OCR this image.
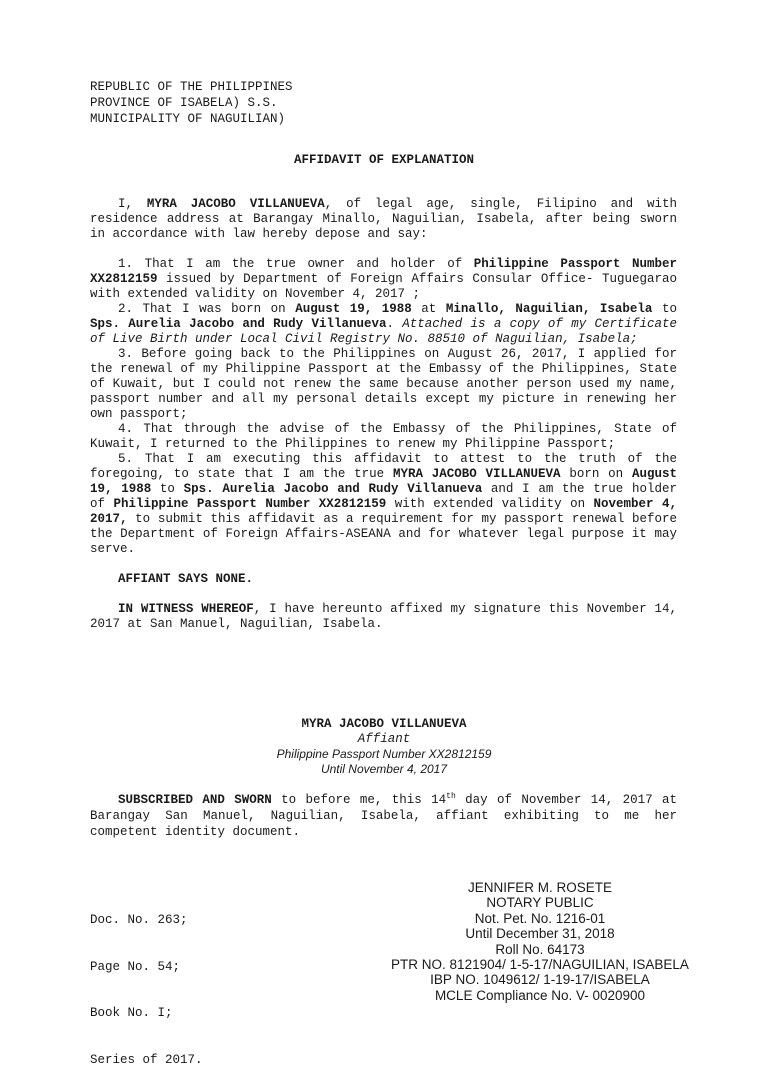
REPUBLIC OF THE PHILIPPINES
PROVINCE OF ISABELA) S.S.
MUNICIPALITY OF NAGUILIAN)
AFFIDAVIT OF EXPLANATION

I, MYRA JACOBO VILLANUEVA, of legal age, single, Filipino and with residence address at Barangay Minallo, Naguilian, Isabela, after being sworn in accordance with law hereby depose and say:

1. That I am the true owner and holder of Philippine Passport Number XX2812159 issued by Department of Foreign Affairs Consular Office- Tuguegarao with extended validity on November 4, 2017 ;

2. That I was born on August 19, 1988 at Minallo, Naguilian, Isabela to Sps. Aurelia Jacobo and Rudy Villanueva. Attached is a copy of my Certificate of Live Birth under Local Civil Registry No. 88510 of Naguilian, Isabela;

3. Before going back to the Philippines on August 26, 2017, I applied for the renewal of my Philippine Passport at the Embassy of the Philippines, State of Kuwait, but I could not renew the same because another person used my name, passport number and all my personal details except my picture in renewing her own passport;

4. That through the advise of the Embassy of the Philippines, State of Kuwait, I returned to the Philippines to renew my Philippine Passport;

5. That I am executing this affidavit to attest to the truth of the foregoing, to state that I am the true MYRA JACOBO VILLANUEVA born on August 19, 1988 to Sps. Aurelia Jacobo and Rudy Villanueva and I am the true holder of Philippine Passport Number XX2812159 with extended validity on November 4, 2017, to submit this affidavit as a requirement for my passport renewal before the Department of Foreign Affairs-ASEANA and for whatever legal purpose it may serve.

AFFIANT SAYS NONE.

IN WITNESS WHEREOF, I have hereunto affixed my signature this November 14, 2017 at San Manuel, Naguilian, Isabela.

MYRA JACOBO VILLANUEVA
Affiant
Philippine Passport Number XX2812159
Until November 4, 2017

SUBSCRIBED AND SWORN to before me, this 14th day of November 14, 2017 at Barangay San Manuel, Naguilian, Isabela, affiant exhibiting to me her competent identity document.

Doc. No. 263;

Page No. 54;

Book No. I;

Series of 2017.

JENNIFER M. ROSETE
NOTARY PUBLIC
Not. Pet. No. 1216-01
Until December 31, 2018
Roll No. 64173
PTR NO. 8121904/ 1-5-17/NAGUILIAN, ISABELA
IBP NO. 1049612/ 1-19-17/ISABELA
MCLE Compliance No. V- 0020900
